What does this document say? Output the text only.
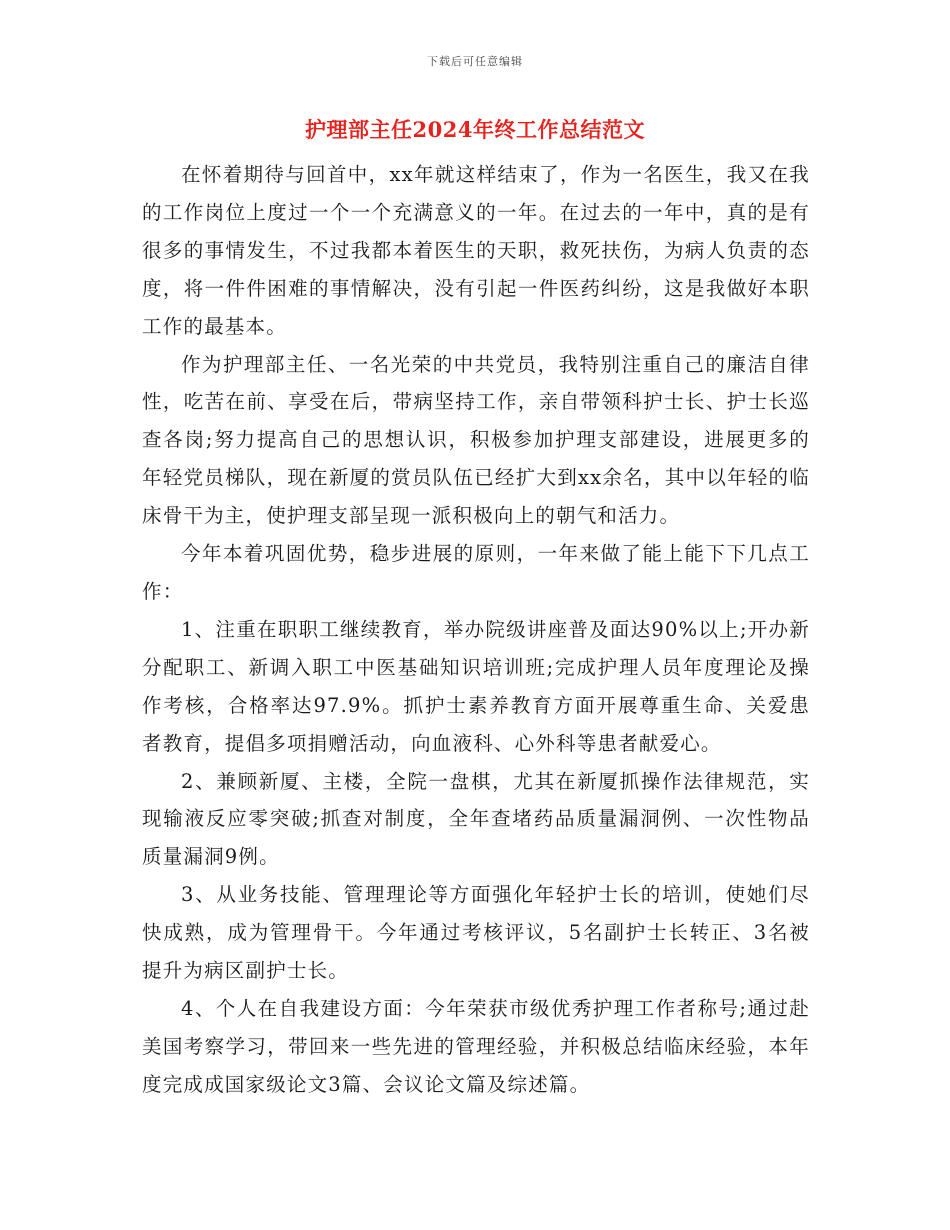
下载后可任意编辑
护理部主任2024年终工作总结范文

在怀着期待与回首中，xx年就这样结束了，作为一名医生，我又在我的工作岗位上度过一个一个充满意义的一年。在过去的一年中，真的是有很多的事情发生，不过我都本着医生的天职，救死扶伤，为病人负责的态度，将一件件困难的事情解决，没有引起一件医药纠纷，这是我做好本职工作的最基本。

作为护理部主任、一名光荣的中共党员，我特别注重自己的廉洁自律性，吃苦在前、享受在后，带病坚持工作，亲自带领科护士长、护士长巡查各岗;努力提高自己的思想认识，积极参加护理支部建设，进展更多的年轻党员梯队，现在新厦的赏员队伍已经扩大到xx余名，其中以年轻的临床骨干为主，使护理支部呈现一派积极向上的朝气和活力。

今年本着巩固优势，稳步进展的原则，一年来做了能上能下下几点工作：

1、注重在职职工继续教育，举办院级讲座普及面达90%以上;开办新分配职工、新调入职工中医基础知识培训班;完成护理人员年度理论及操作考核，合格率达97.9%。抓护士素养教育方面开展尊重生命、关爱患者教育，提倡多项捐赠活动，向血液科、心外科等患者献爱心。

2、兼顾新厦、主楼，全院一盘棋，尤其在新厦抓操作法律规范，实现输液反应零突破;抓查对制度，全年查堵药品质量漏洞例、一次性物品质量漏洞9例。

3、从业务技能、管理理论等方面强化年轻护士长的培训，使她们尽快成熟，成为管理骨干。今年通过考核评议，5名副护士长转正、3名被提升为病区副护士长。

4、个人在自我建设方面：今年荣获市级优秀护理工作者称号;通过赴美国考察学习，带回来一些先进的管理经验，并积极总结临床经验，本年度完成成国家级论文3篇、会议论文篇及综述篇。
